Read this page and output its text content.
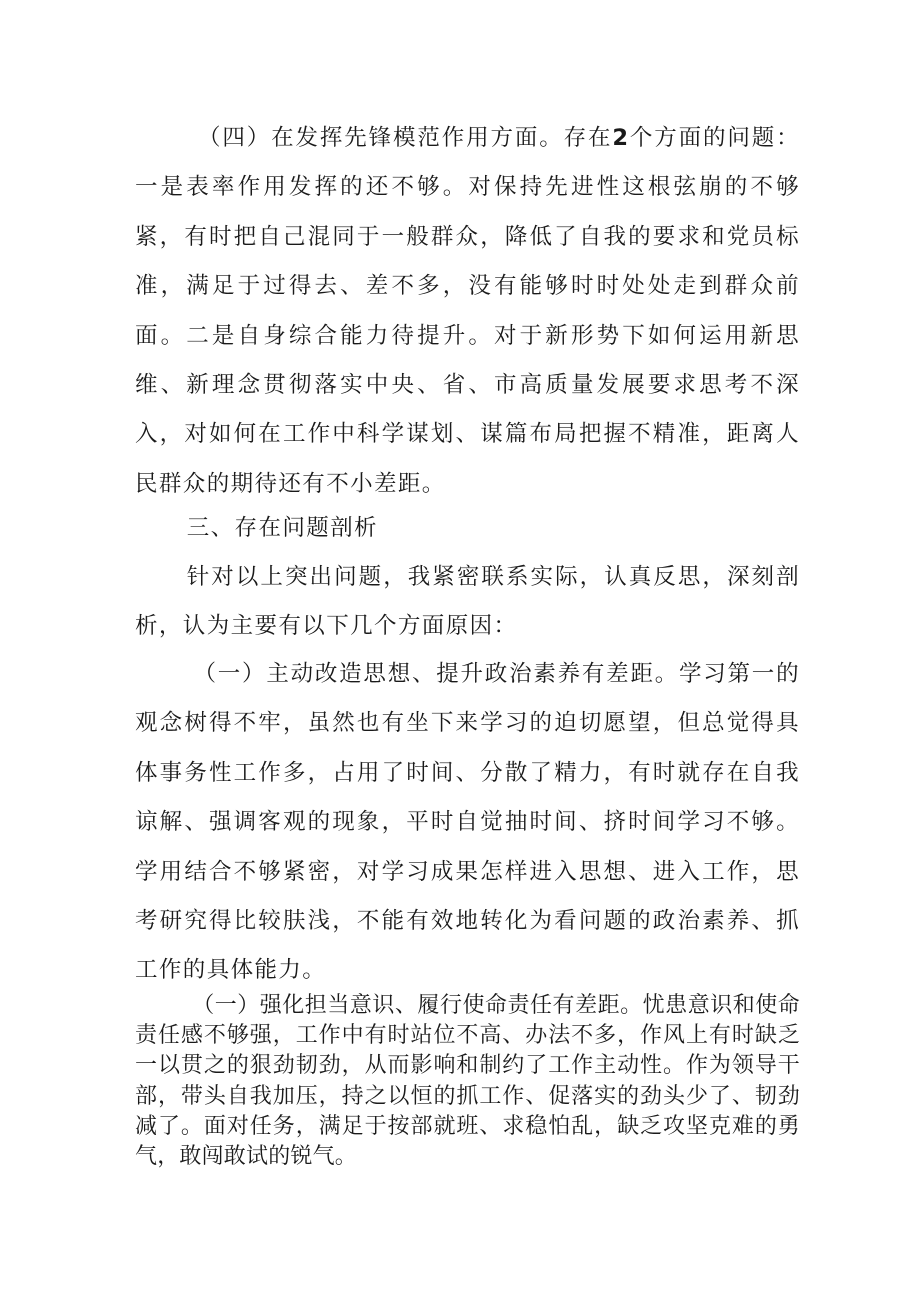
（四）在发挥先锋模范作用方面。存在2个方面的问题：一是表率作用发挥的还不够。对保持先进性这根弦崩的不够紧，有时把自己混同于一般群众，降低了自我的要求和党员标准，满足于过得去、差不多，没有能够时时处处走到群众前面。二是自身综合能力待提升。对于新形势下如何运用新思维、新理念贯彻落实中央、省、市高质量发展要求思考不深入，对如何在工作中科学谋划、谋篇布局把握不精准，距离人民群众的期待还有不小差距。

三、存在问题剖析

针对以上突出问题，我紧密联系实际，认真反思，深刻剖析，认为主要有以下几个方面原因：

（一）主动改造思想、提升政治素养有差距。学习第一的观念树得不牢，虽然也有坐下来学习的迫切愿望，但总觉得具体事务性工作多，占用了时间、分散了精力，有时就存在自我谅解、强调客观的现象，平时自觉抽时间、挤时间学习不够。学用结合不够紧密，对学习成果怎样进入思想、进入工作，思考研究得比较肤浅，不能有效地转化为看问题的政治素养、抓工作的具体能力。

（一）强化担当意识、履行使命责任有差距。忧患意识和使命责任感不够强，工作中有时站位不高、办法不多，作风上有时缺乏一以贯之的狠劲韧劲，从而影响和制约了工作主动性。作为领导干部，带头自我加压，持之以恒的抓工作、促落实的劲头少了、韧劲减了。面对任务，满足于按部就班、求稳怕乱，缺乏攻坚克难的勇气，敢闯敢试的锐气。
